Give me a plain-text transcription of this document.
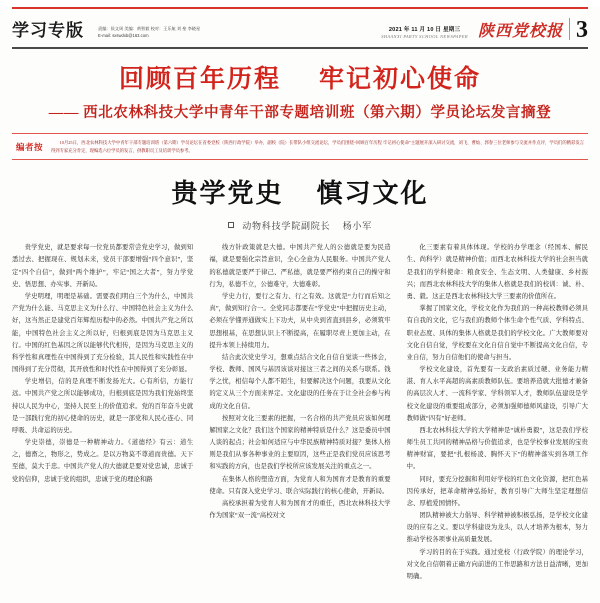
学习专版	责编：侯文周 美编：黄智毅 校对：王乐航 刘 垒 李晓星
E-mail: sxswdxb@163.com
2021 年 11 月 10 日 星期三
SHAANXI PARTY SCHOOL NEWSPAPER 陕西党校报 3
回顾百年历程 牢记初心使命
—— 西北农林科技大学中青年干部专题培训班（第六期）学员论坛发言摘登
编者按	10月25日，西北农林科技大学中青年干部专题培训班（第六期）学员论坛在省委党校（陕西行政学院）举办，副校（院）长带队小组交流论坛，学员们围绕“回顾百年历程 牢记初心使命”主题展开深入研讨交流，刘飞、曹灿、郭春三位老师参与交流并作点评，学员们的精彩发言得到专家充分肯定，现编选六位学员的发言，供教职员工及培训学员参考。
贵学党史 慎习文化
动物科技学院副院长 杨小军

贵学党史，就是要求每一位党员都要常尝党史学习，做到知悉过去、把握现在、规划未来，党员干部要增强“四个意识”，坚定“四个自信”，做到“两个维护”，牢记“国之大者”，努力学党史、悟思想、办实事、开新局。

学史明理，明理是基础。需要我们明白三个为什么，中国共产党为什么能、马克思主义为什么行、中国特色社会主义为什么好，这当然正是建党百年辉煌历程中的必然。中国共产党之所以能，中国特色社会主义之所以好，归根到底是因为马克思主义行。中国的红色基因之所以能够代代相传，是因为马克思主义的科学性和真理性在中国得到了充分检验，其人民性和实践性在中国得到了充分贯彻，其开放性和时代性在中国得到了充分彰显。

学史增信，信的是真理不断发扬光大。心有所信，方能行远。中国共产党之所以能够成功，归根到底是因为我们党始终坚持以人民为中心，坚持人民至上的价值追求。党的百年奋斗史就是一部践行党的初心使命的历史，就是一部党和人民心连心、同呼吸、共命运的历史。

学史崇德，崇德是一种精神动力。《道德经》有云：道生之，德畜之，物形之，势成之。是以万物莫不尊道而贵德。天下至德，莫大于忠。中国共产党人的大德就是要对党忠诚，忠诚于党的信仰，忠诚于党的组织，忠诚于党的理论和路

线方针政策就是大德。中国共产党人的公德就是要为民造福，就是要强化宗旨意识，全心全意为人民服务。中国共产党人的私德就是要严于律己、严私德，就是要严格约束自己的操守和行为，私德不立，公德难守，大德难彰。

学史力行，要行之有力、行之有效。这就是“力行而后知之真”，做到知行合一。全党同志都要在“学党史”中把握历史主动，必须在学懂弄通做实上下功夫，从中央到省直到县乡，必须筑牢思想根基，在思想认识上不断提高，在履职尽责上更加主动，在提升本领上持续用力。

结合此次党史学习，想重点结合文化自信自觉谈一些体会，学校、教师、国风与基因该谈对接这三者之间的关系与联系。钱学之忧，相信每个人都不陌生，但要解决这个问题，我要从文化的定义从三个方面来界定。文化建设的任务在于让全社会参与构成的文化自信。

按照对文化三要素的把握，一名合格的共产党员应该如何理解国家之文化？我们这个国家的精神特质是什么？这是委员中国人谈的起点；社会如何适应与中华民族精神特质对接？集体人格则是我们从事各种事业的主要原因，这些正是我们党员应该思考和实践的方向，也是我们学校所应该发展关注的重点之一。

在集体人格的塑造方面，为党育人和为国育才是教育的重要使命。只有深入党史学习、联合实际践行的核心使命，开新局。

高校承担着为党育人和为国育才的重任，西北农林科技大学作为国家“双一流”高校对文

化三要素有着具体体现。学校的办学理念（经国本、解民生、尚科学）就是精神价值；而西北农林科技大学的社会担当就是我们的学科使命：粮食安全、生态文明、人类健康、乡村振兴；而西北农林科技大学的集体人格就是我们的校训：诚、朴、勇、毅。这正是西北农林科技大学三要素的价值所在。

掌握了国家文化，学校文化作为我们的一种高校教师必须具有自我的文化，它与我们的教师个体生命个性气质、学科特点、职业态度、具体的集体人格就是我们的学校文化。广大教师要对文化自信自觉，学校要在文化自信自觉中不断提高文化自信，专业自信，努力自信他们的使命与担当。

学校文化建设，首先要有一支政治素质过硬、业务能力精湛、育人水平高超的高素质教师队伍。要培养造就大批德才兼备的高层次人才、一流科学家、学科领军人才，教师队伍建设是学校文化建设的重要组成部分，必须加强师德师风建设，引导广大教师做“四有”好老师。

西北农林科技大学的大学精神是“诚朴勇毅”，这是我们学校师生员工共同的精神品格与价值追求，也是学校事业发展的宝贵精神财富，要把“扎根杨凌、胸怀天下”的精神落实到各项工作中。

同时，要充分挖掘和利用好学校的红色文化资源，把红色基因传承好，把革命精神弘扬好，教育引导广大师生坚定理想信念、厚植爱国情怀。

团队精神被大力倡导、科学精神被积极弘扬，是学校文化建设的应有之义。要以学科建设为龙头，以人才培养为根本，努力推动学校各项事业高质量发展。

学习的目的在于实践。通过党校（行政学院）的理论学习，对文化自信朝着正确方向前进的工作思路和方法日益清晰，更加明确。
